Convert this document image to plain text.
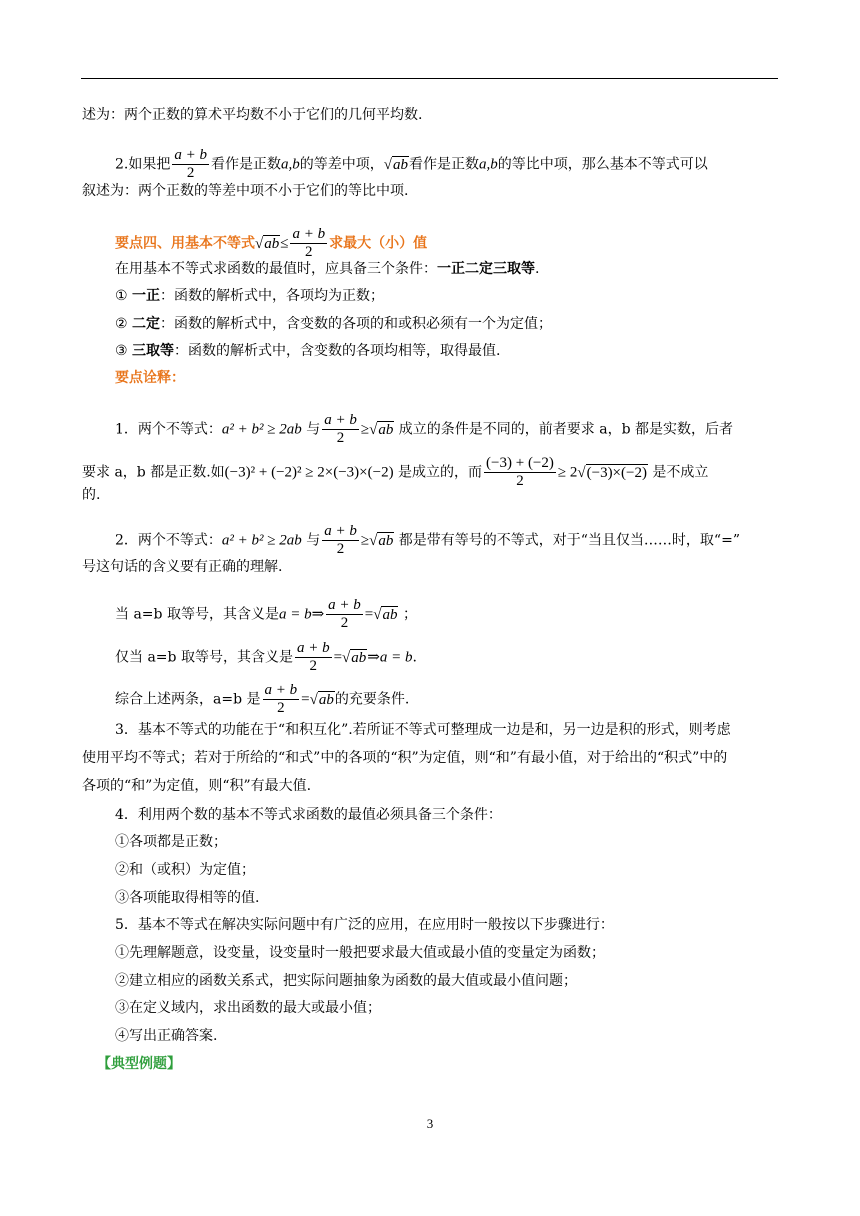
述为：两个正数的算术平均数不小于它们的几何平均数.
2.如果把 $\frac{a + b}{2}$ 看作是正数a,b的等差中项，√ab看作是正数a,b的等比中项，那么基本不等式可以
叙述为：两个正数的等差中项不小于它们的等比中项.
要点四、用基本不等式$√ab\le \frac{a + b}{2}$ 求最大（小）值
在用基本不等式求函数的最值时，应具备三个条件：一正二定三取等.
① 一正：函数的解析式中，各项均为正数；
② 二定：函数的解析式中，含变数的各项的和或积必须有一个为定值；
③ 三取等：函数的解析式中，含变数的各项均相等，取得最值.
要点诠释：
1．两个不等式：a² + b² ≥ 2ab 与 $\frac{a + b}{2} \ge√ab$ 成立的条件是不同的，前者要求 a，b 都是实数，后者
要求 a，b 都是正数.如(−3)² + (−2)² ≥ 2×(−3)×(−2) 是成立的，而 $\frac{(-3) + (-2)}{2} \ge 2√(-3)\times(-2)$ 是不成立
的.
2．两个不等式：a² + b² ≥ 2ab 与 $\frac{a + b}{2} \ge√ab$ 都是带有等号的不等式，对于“当且仅当……时，取“=”
号这句话的含义要有正确的理解.
当 a=b 取等号，其含义是a = b⇒ $\frac{a + b}{2} =√ab$ ；
仅当 a=b 取等号，其含义是 $\frac{a + b}{2}$ =√ab⇒a = b.
综合上述两条，a=b 是 $\frac{a + b}{2} =√ab$的充要条件.
3．基本不等式的功能在于“和积互化”.若所证不等式可整理成一边是和，另一边是积的形式，则考虑
使用平均不等式；若对于所给的“和式”中的各项的“积”为定值，则“和”有最小值，对于给出的“积式”中的
各项的“和”为定值，则“积”有最大值.
4．利用两个数的基本不等式求函数的最值必须具备三个条件：
①各项都是正数；
②和（或积）为定值；
③各项能取得相等的值.
5．基本不等式在解决实际问题中有广泛的应用，在应用时一般按以下步骤进行：
①先理解题意，设变量，设变量时一般把要求最大值或最小值的变量定为函数；
②建立相应的函数关系式，把实际问题抽象为函数的最大值或最小值问题；
③在定义域内，求出函数的最大或最小值；
④写出正确答案.
【典型例题】
3
